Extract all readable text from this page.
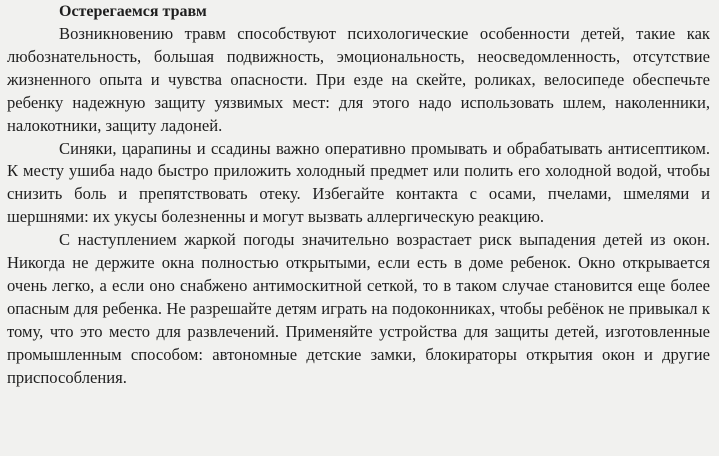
Остерегаемся травм

Возникновению травм способствуют психологические особенности детей, такие как любознательность, большая подвижность, эмоциональность, неосведомленность, отсутствие жизненного опыта и чувства опасности. При езде на скейте, роликах, велосипеде обеспечьте ребенку надежную защиту уязвимых мест: для этого надо использовать шлем, наколенники, налокотники, защиту ладоней.

Синяки, царапины и ссадины важно оперативно промывать и обрабатывать антисептиком. К месту ушиба надо быстро приложить холодный предмет или полить его холодной водой, чтобы снизить боль и препятствовать отеку. Избегайте контакта с осами, пчелами, шмелями и шершнями: их укусы болезненны и могут вызвать аллергическую реакцию.

С наступлением жаркой погоды значительно возрастает риск выпадения детей из окон. Никогда не держите окна полностью открытыми, если есть в доме ребенок. Окно открывается очень легко, а если оно снабжено антимоскитной сеткой, то в таком случае становится еще более опасным для ребенка. Не разрешайте детям играть на подоконниках, чтобы ребёнок не привыкал к тому, что это место для развлечений. Применяйте устройства для защиты детей, изготовленные промышленным способом: автономные детские замки, блокираторы открытия окон и другие приспособления.
